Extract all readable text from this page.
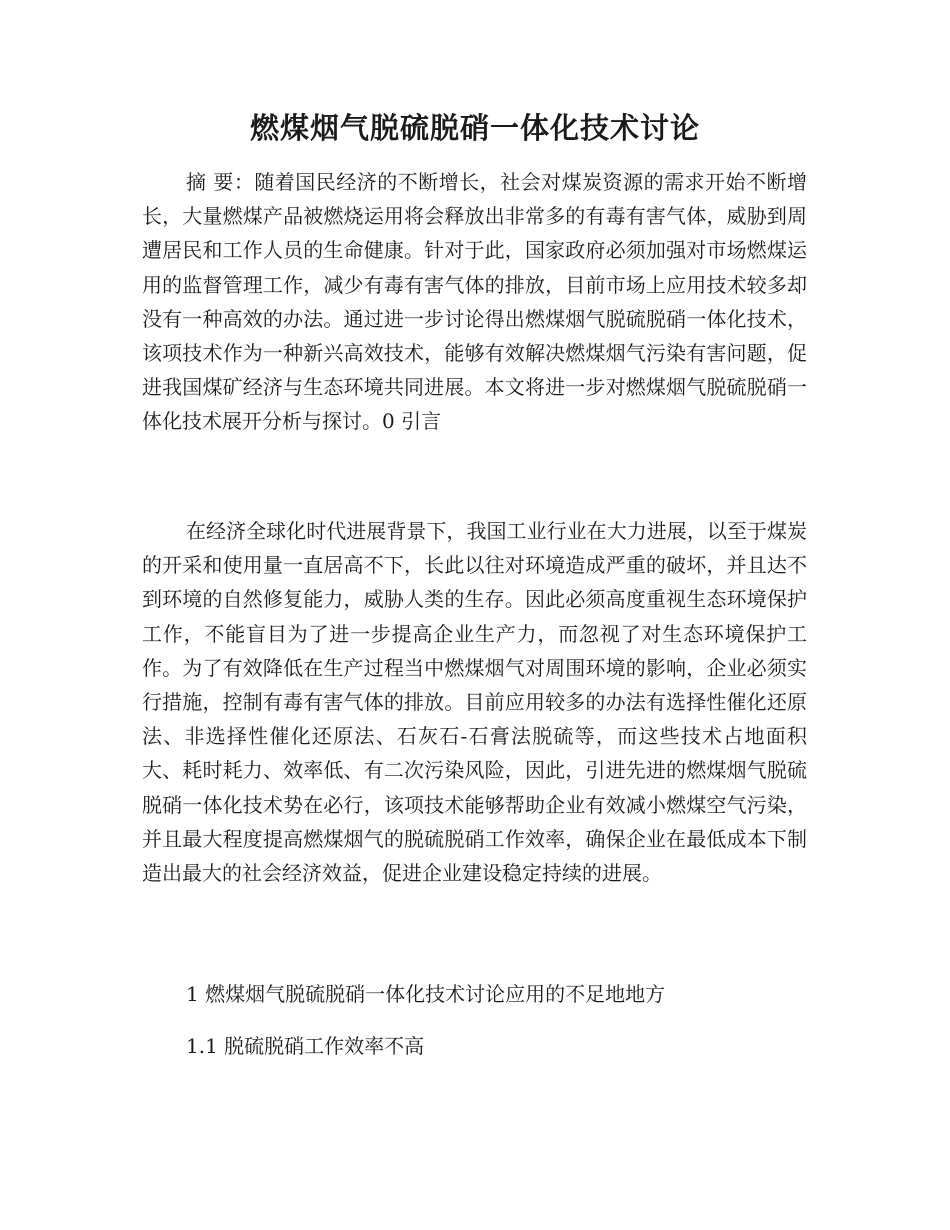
燃煤烟气脱硫脱硝一体化技术讨论

摘 要：随着国民经济的不断增长，社会对煤炭资源的需求开始不断增长，大量燃煤产品被燃烧运用将会释放出非常多的有毒有害气体，威胁到周遭居民和工作人员的生命健康。针对于此，国家政府必须加强对市场燃煤运用的监督管理工作，减少有毒有害气体的排放，目前市场上应用技术较多却没有一种高效的办法。通过进一步讨论得出燃煤烟气脱硫脱硝一体化技术，该项技术作为一种新兴高效技术，能够有效解决燃煤烟气污染有害问题，促进我国煤矿经济与生态环境共同进展。本文将进一步对燃煤烟气脱硫脱硝一体化技术展开分析与探讨。0 引言

在经济全球化时代进展背景下，我国工业行业在大力进展，以至于煤炭的开采和使用量一直居高不下，长此以往对环境造成严重的破坏，并且达不到环境的自然修复能力，威胁人类的生存。因此必须高度重视生态环境保护工作，不能盲目为了进一步提高企业生产力，而忽视了对生态环境保护工作。为了有效降低在生产过程当中燃煤烟气对周围环境的影响，企业必须实行措施，控制有毒有害气体的排放。目前应用较多的办法有选择性催化还原法、非选择性催化还原法、石灰石-石膏法脱硫等，而这些技术占地面积大、耗时耗力、效率低、有二次污染风险，因此，引进先进的燃煤烟气脱硫脱硝一体化技术势在必行，该项技术能够帮助企业有效减小燃煤空气污染，并且最大程度提高燃煤烟气的脱硫脱硝工作效率，确保企业在最低成本下制造出最大的社会经济效益，促进企业建设稳定持续的进展。

1 燃煤烟气脱硫脱硝一体化技术讨论应用的不足地地方

1.1 脱硫脱硝工作效率不高
